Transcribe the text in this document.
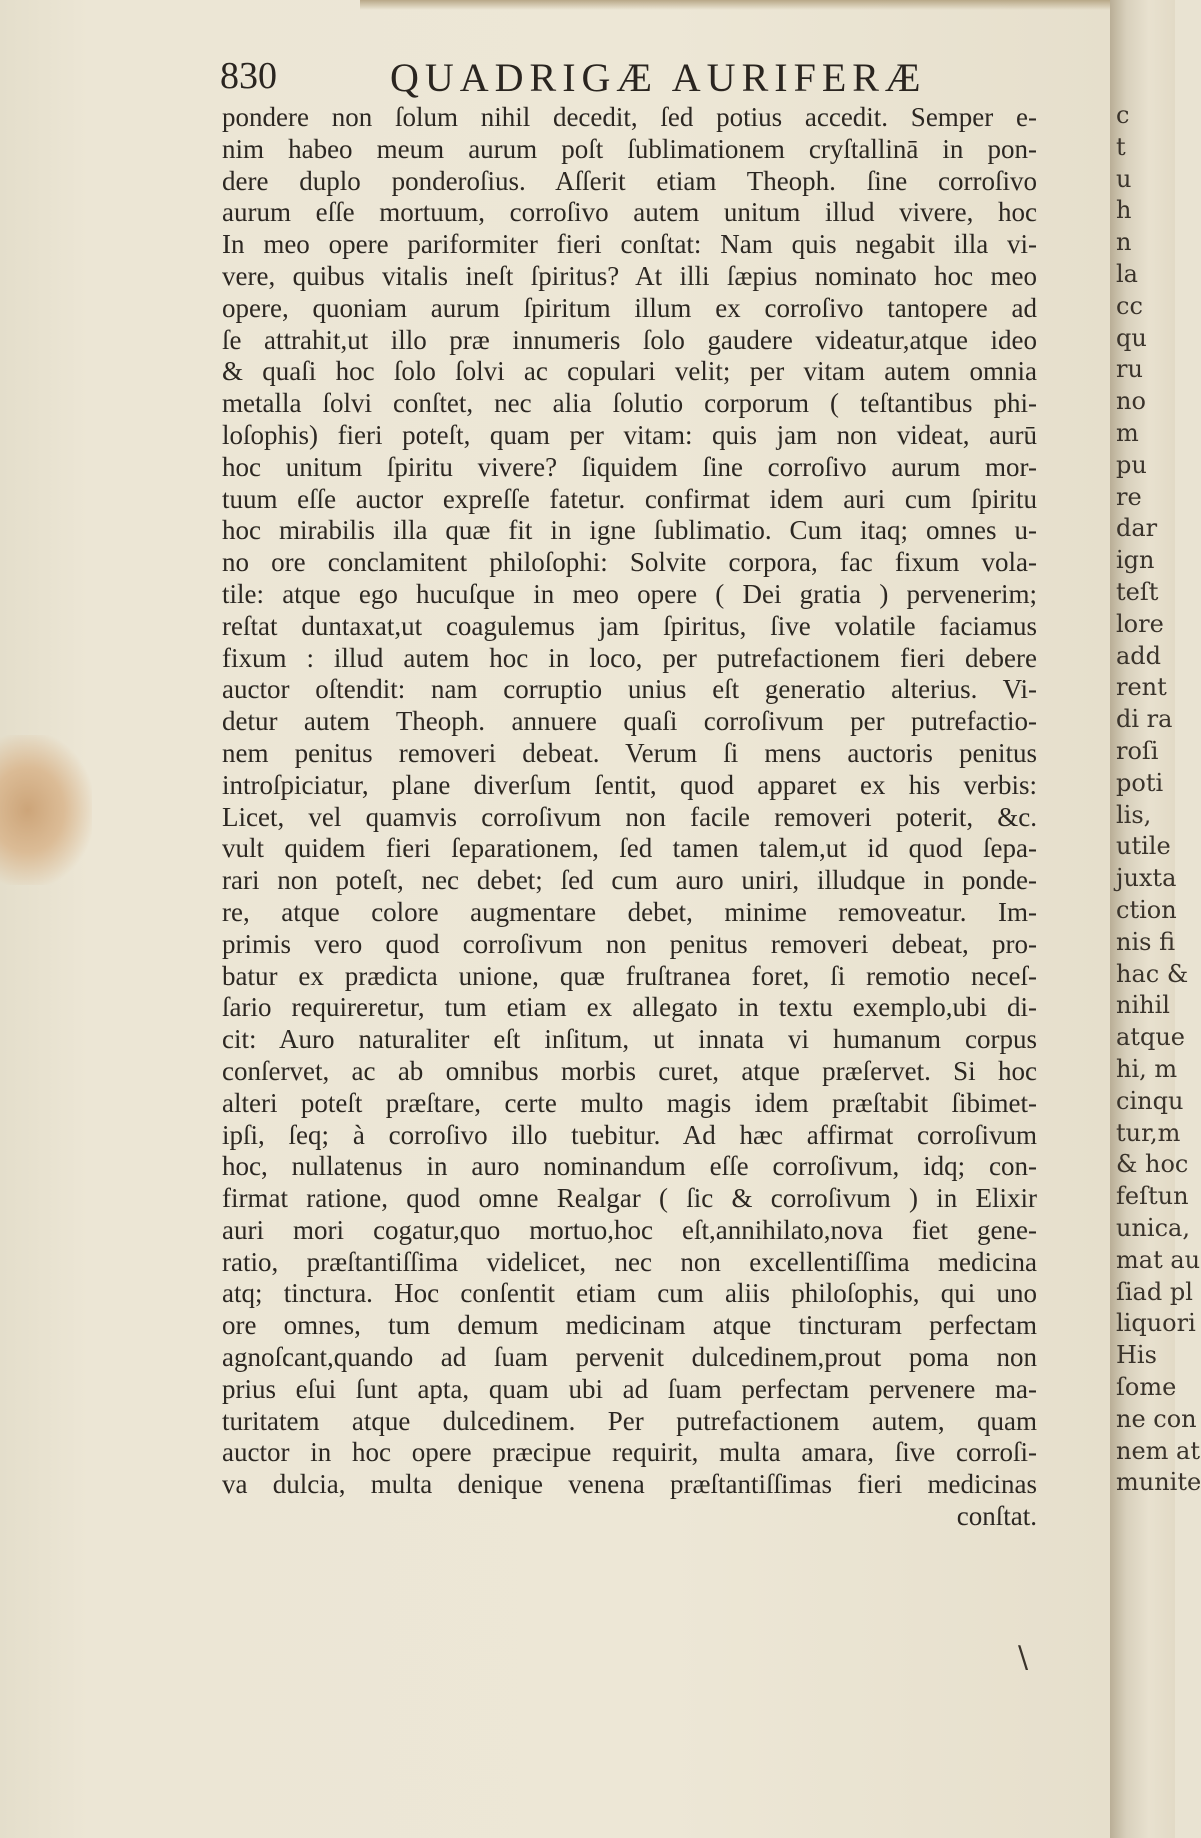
830	QUADRIGÆ AURIFERÆ
pondere non ſolum nihil decedit, ſed potius accedit. Semper e-
nim habeo meum aurum poſt ſublimationem cryſtallinā in pon-
dere duplo ponderoſius. Aſſerit etiam Theoph. ſine corroſivo
aurum eſſe mortuum, corroſivo autem unitum illud vivere, hoc
In meo opere pariformiter fieri conſtat: Nam quis negabit illa vi-
vere, quibus vitalis ineſt ſpiritus? At illi ſæpius nominato hoc meo
opere, quoniam aurum ſpiritum illum ex corroſivo tantopere ad
ſe attrahit,ut illo præ innumeris ſolo gaudere videatur,atque ideo
& quaſi hoc ſolo ſolvi ac copulari velit; per vitam autem omnia
metalla ſolvi conſtet, nec alia ſolutio corporum ( teſtantibus phi-
loſophis) fieri poteſt, quam per vitam: quis jam non videat, aurū
hoc unitum ſpiritu vivere? ſiquidem ſine corroſivo aurum mor-
tuum eſſe auctor expreſſe fatetur. confirmat idem auri cum ſpiritu
hoc mirabilis illa quæ fit in igne ſublimatio. Cum itaq; omnes u-
no ore conclamitent philoſophi: Solvite corpora, fac fixum vola-
tile: atque ego hucuſque in meo opere ( Dei gratia ) pervenerim;
reſtat duntaxat,ut coagulemus jam ſpiritus, ſive volatile faciamus
fixum : illud autem hoc in loco, per putrefactionem fieri debere
auctor oſtendit: nam corruptio unius eſt generatio alterius. Vi-
detur autem Theoph. annuere quaſi corroſivum per putrefactio-
nem penitus removeri debeat. Verum ſi mens auctoris penitus
introſpiciatur, plane diverſum ſentit, quod apparet ex his verbis:
Licet, vel quamvis corroſivum non facile removeri poterit, &c.
vult quidem fieri ſeparationem, ſed tamen talem,ut id quod ſepa-
rari non poteſt, nec debet; ſed cum auro uniri, illudque in ponde-
re, atque colore augmentare debet, minime removeatur. Im-
primis vero quod corroſivum non penitus removeri debeat, pro-
batur ex prædicta unione, quæ fruſtranea foret, ſi remotio neceſ-
ſario requireretur, tum etiam ex allegato in textu exemplo,ubi di-
cit: Auro naturaliter eſt inſitum, ut innata vi humanum corpus
conſervet, ac ab omnibus morbis curet, atque præſervet. Si hoc
alteri poteſt præſtare, certe multo magis idem præſtabit ſibimet-
ipſi, ſeq; à corroſivo illo tuebitur. Ad hæc affirmat corroſivum
hoc, nullatenus in auro nominandum eſſe corroſivum, idq; con-
firmat ratione, quod omne Realgar ( ſic & corroſivum ) in Elixir
auri mori cogatur,quo mortuo,hoc eſt,annihilato,nova fiet gene-
ratio, præſtantiſſima videlicet, nec non excellentiſſima medicina
atq; tinctura. Hoc conſentit etiam cum aliis philoſophis, qui uno
ore omnes, tum demum medicinam atque tincturam perfectam
agnoſcant,quando ad ſuam pervenit dulcedinem,prout poma non
prius eſui ſunt apta, quam ubi ad ſuam perfectam pervenere ma-
turitatem atque dulcedinem. Per putrefactionem autem, quam
auctor in hoc opere præcipue requirit, multa amara, ſive corroſi-
va dulcia, multa denique venena præſtantiſſimas fieri medicinas
conſtat.
\
c
t
u
h
n
la
cc
qu
ru
no
m
pu
re
dar
ign
teſt
lore
add
rent
di ra
roſi
poti
lis,
utile
juxta
ction
nis fi
hac &
nihil
atque
hi, m
cinqu
tur,m
& hoc
feſtun
unica,
mat au
ſiad pl
liquori
His
ſome
ne con
nem at
munite
